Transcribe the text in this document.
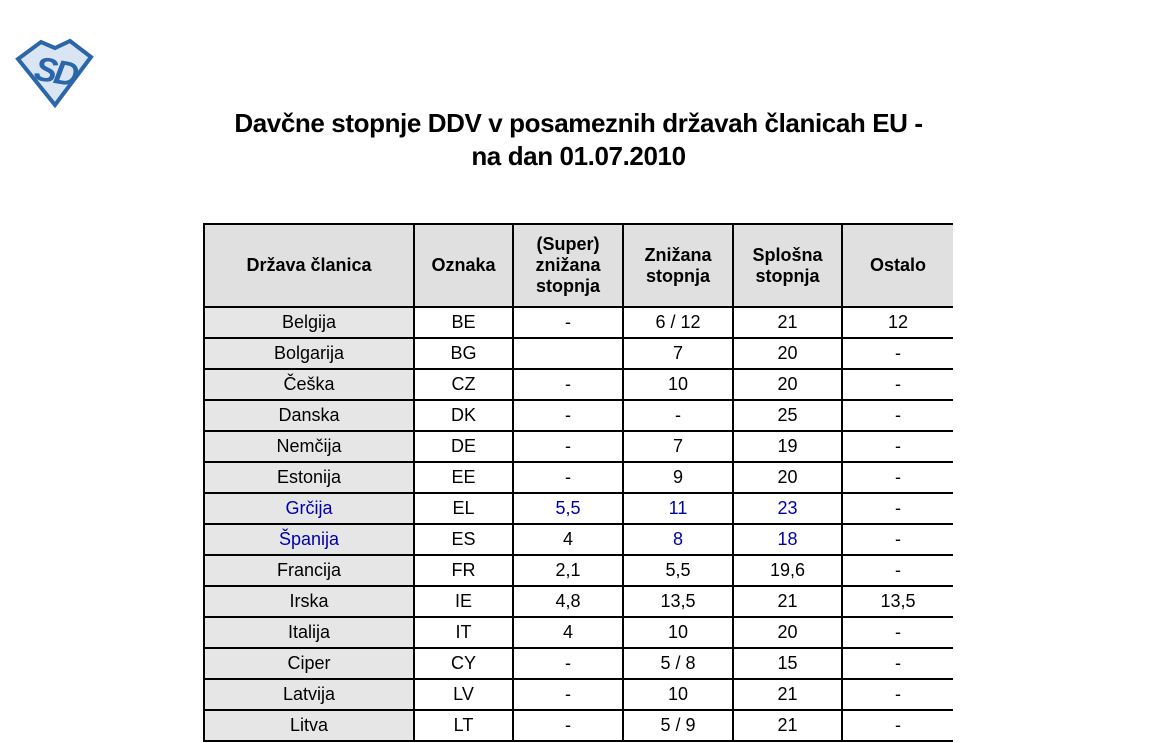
SD
Davčne stopnje DDV v posameznih državah članicah EU -
na dan 01.07.2010
Država članica	Oznaka	(Super) znižana stopnja	Znižana stopnja	Splošna stopnja	Ostalo
Belgija	BE	-	6 / 12	21	12
Bolgarija	BG		7	20	-
Češka	CZ	-	10	20	-
Danska	DK	-	-	25	-
Nemčija	DE	-	7	19	-
Estonija	EE	-	9	20	-
Grčija	EL	5,5	11	23	-
Španija	ES	4	8	18	-
Francija	FR	2,1	5,5	19,6	-
Irska	IE	4,8	13,5	21	13,5
Italija	IT	4	10	20	-
Ciper	CY	-	5 / 8	15	-
Latvija	LV	-	10	21	-
Litva	LT	-	5 / 9	21	-
